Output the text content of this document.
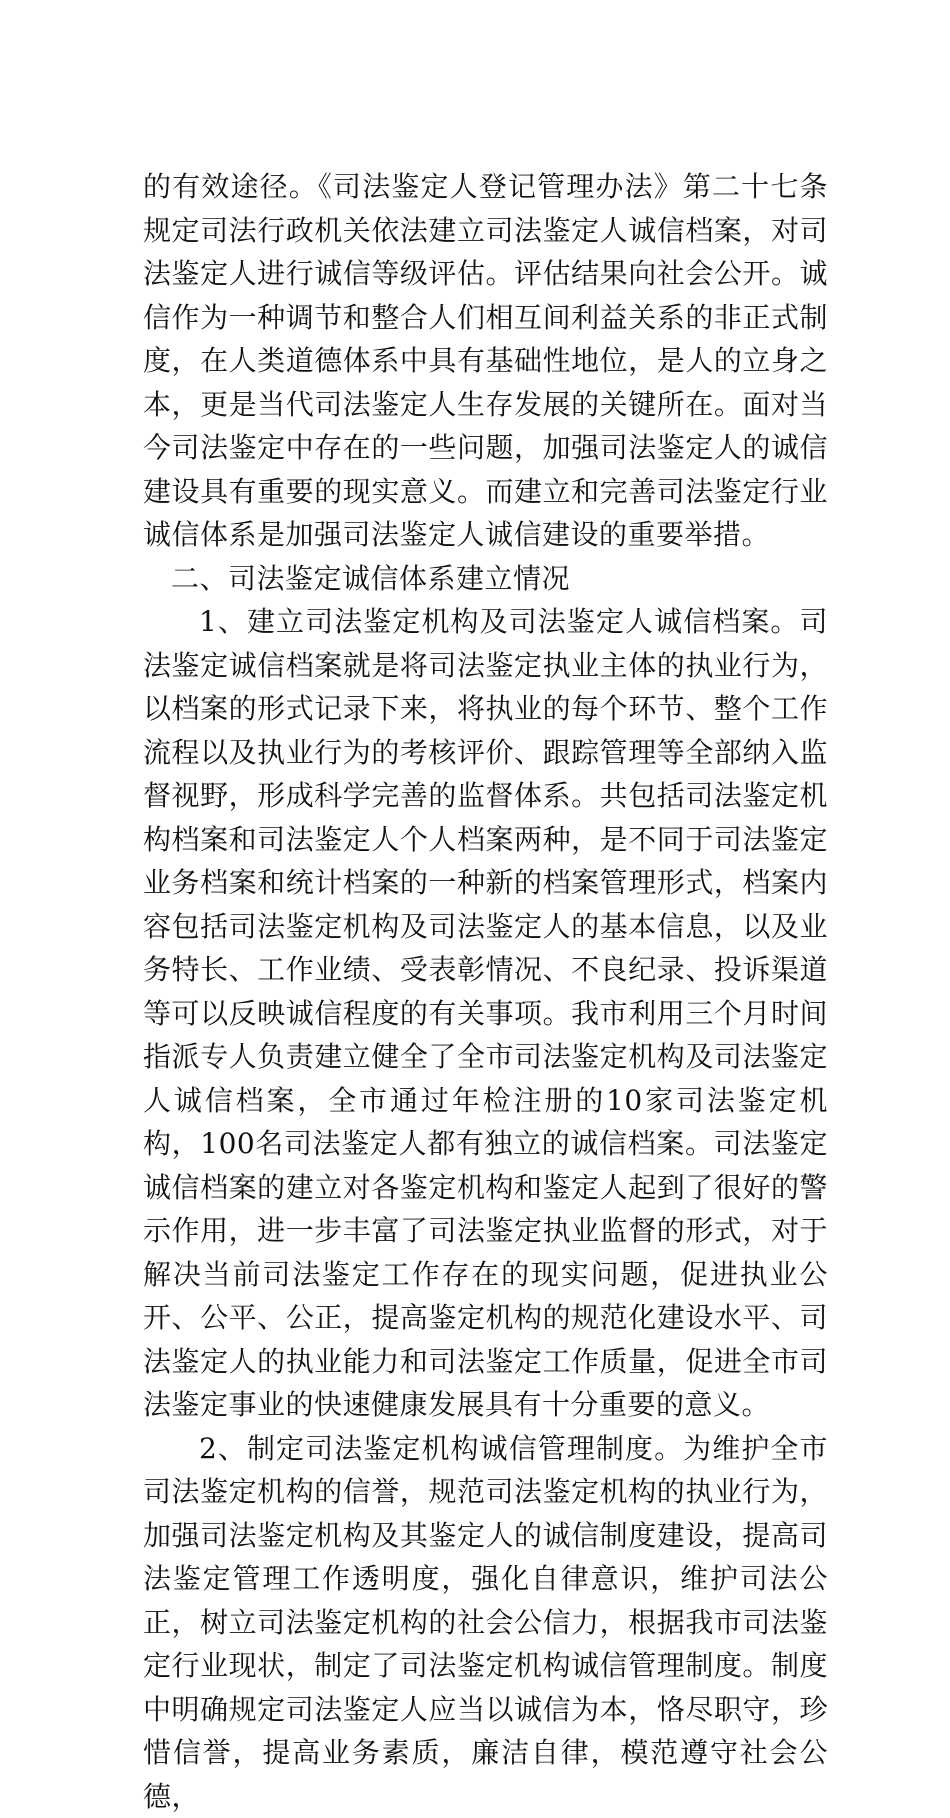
的有效途径。《司法鉴定人登记管理办法》第二十七条规定司法行政机关依法建立司法鉴定人诚信档案，对司法鉴定人进行诚信等级评估。评估结果向社会公开。诚信作为一种调节和整合人们相互间利益关系的非正式制度，在人类道德体系中具有基础性地位，是人的立身之本，更是当代司法鉴定人生存发展的关键所在。面对当今司法鉴定中存在的一些问题，加强司法鉴定人的诚信建设具有重要的现实意义。而建立和完善司法鉴定行业诚信体系是加强司法鉴定人诚信建设的重要举措。

二、司法鉴定诚信体系建立情况

1、建立司法鉴定机构及司法鉴定人诚信档案。司法鉴定诚信档案就是将司法鉴定执业主体的执业行为，以档案的形式记录下来，将执业的每个环节、整个工作流程以及执业行为的考核评价、跟踪管理等全部纳入监督视野，形成科学完善的监督体系。共包括司法鉴定机构档案和司法鉴定人个人档案两种，是不同于司法鉴定业务档案和统计档案的一种新的档案管理形式，档案内容包括司法鉴定机构及司法鉴定人的基本信息，以及业务特长、工作业绩、受表彰情况、不良纪录、投诉渠道等可以反映诚信程度的有关事项。我市利用三个月时间指派专人负责建立健全了全市司法鉴定机构及司法鉴定人诚信档案，全市通过年检注册的10家司法鉴定机构，100名司法鉴定人都有独立的诚信档案。司法鉴定诚信档案的建立对各鉴定机构和鉴定人起到了很好的警示作用，进一步丰富了司法鉴定执业监督的形式，对于解决当前司法鉴定工作存在的现实问题，促进执业公开、公平、公正，提高鉴定机构的规范化建设水平、司法鉴定人的执业能力和司法鉴定工作质量，促进全市司法鉴定事业的快速健康发展具有十分重要的意义。

2、制定司法鉴定机构诚信管理制度。为维护全市司法鉴定机构的信誉，规范司法鉴定机构的执业行为，加强司法鉴定机构及其鉴定人的诚信制度建设，提高司法鉴定管理工作透明度，强化自律意识，维护司法公正，树立司法鉴定机构的社会公信力，根据我市司法鉴定行业现状，制定了司法鉴定机构诚信管理制度。制度中明确规定司法鉴定人应当以诚信为本，恪尽职守，珍惜信誉，提高业务素质，廉洁自律，模范遵守社会公德，
